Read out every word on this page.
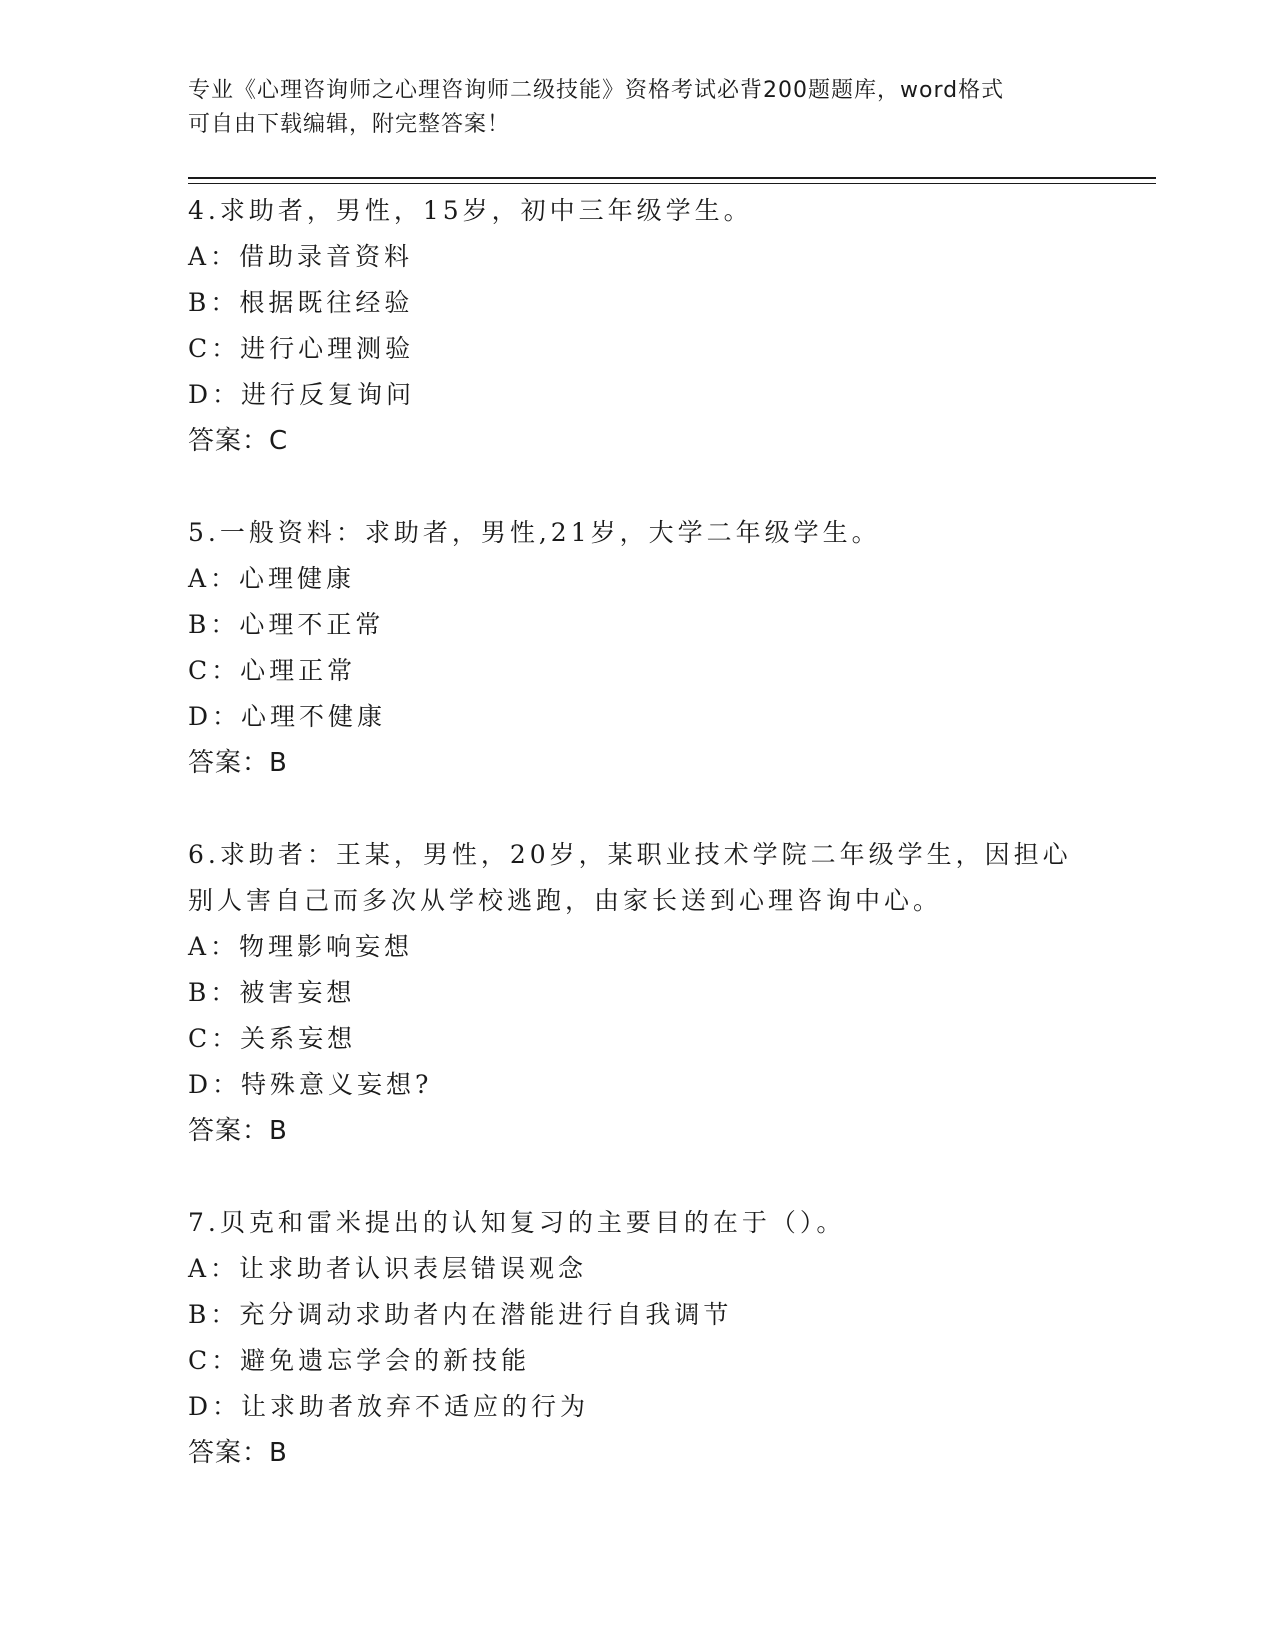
专业《心理咨询师之心理咨询师二级技能》资格考试必背200题题库，word格式
可自由下载编辑，附完整答案！
4.求助者，男性，15岁，初中三年级学生。
A：借助录音资料
B：根据既往经验
C：进行心理测验
D：进行反复询问
答案：C
5.一般资料：求助者，男性,21岁，大学二年级学生。
A：心理健康
B：心理不正常
C：心理正常
D：心理不健康
答案：B
6.求助者：王某，男性，20岁，某职业技术学院二年级学生，因担心
别人害自己而多次从学校逃跑，由家长送到心理咨询中心。
A：物理影响妄想
B：被害妄想
C：关系妄想
D：特殊意义妄想?
答案：B
7.贝克和雷米提出的认知复习的主要目的在于（）。
A：让求助者认识表层错误观念
B：充分调动求助者内在潜能进行自我调节
C：避免遗忘学会的新技能
D：让求助者放弃不适应的行为
答案：B
